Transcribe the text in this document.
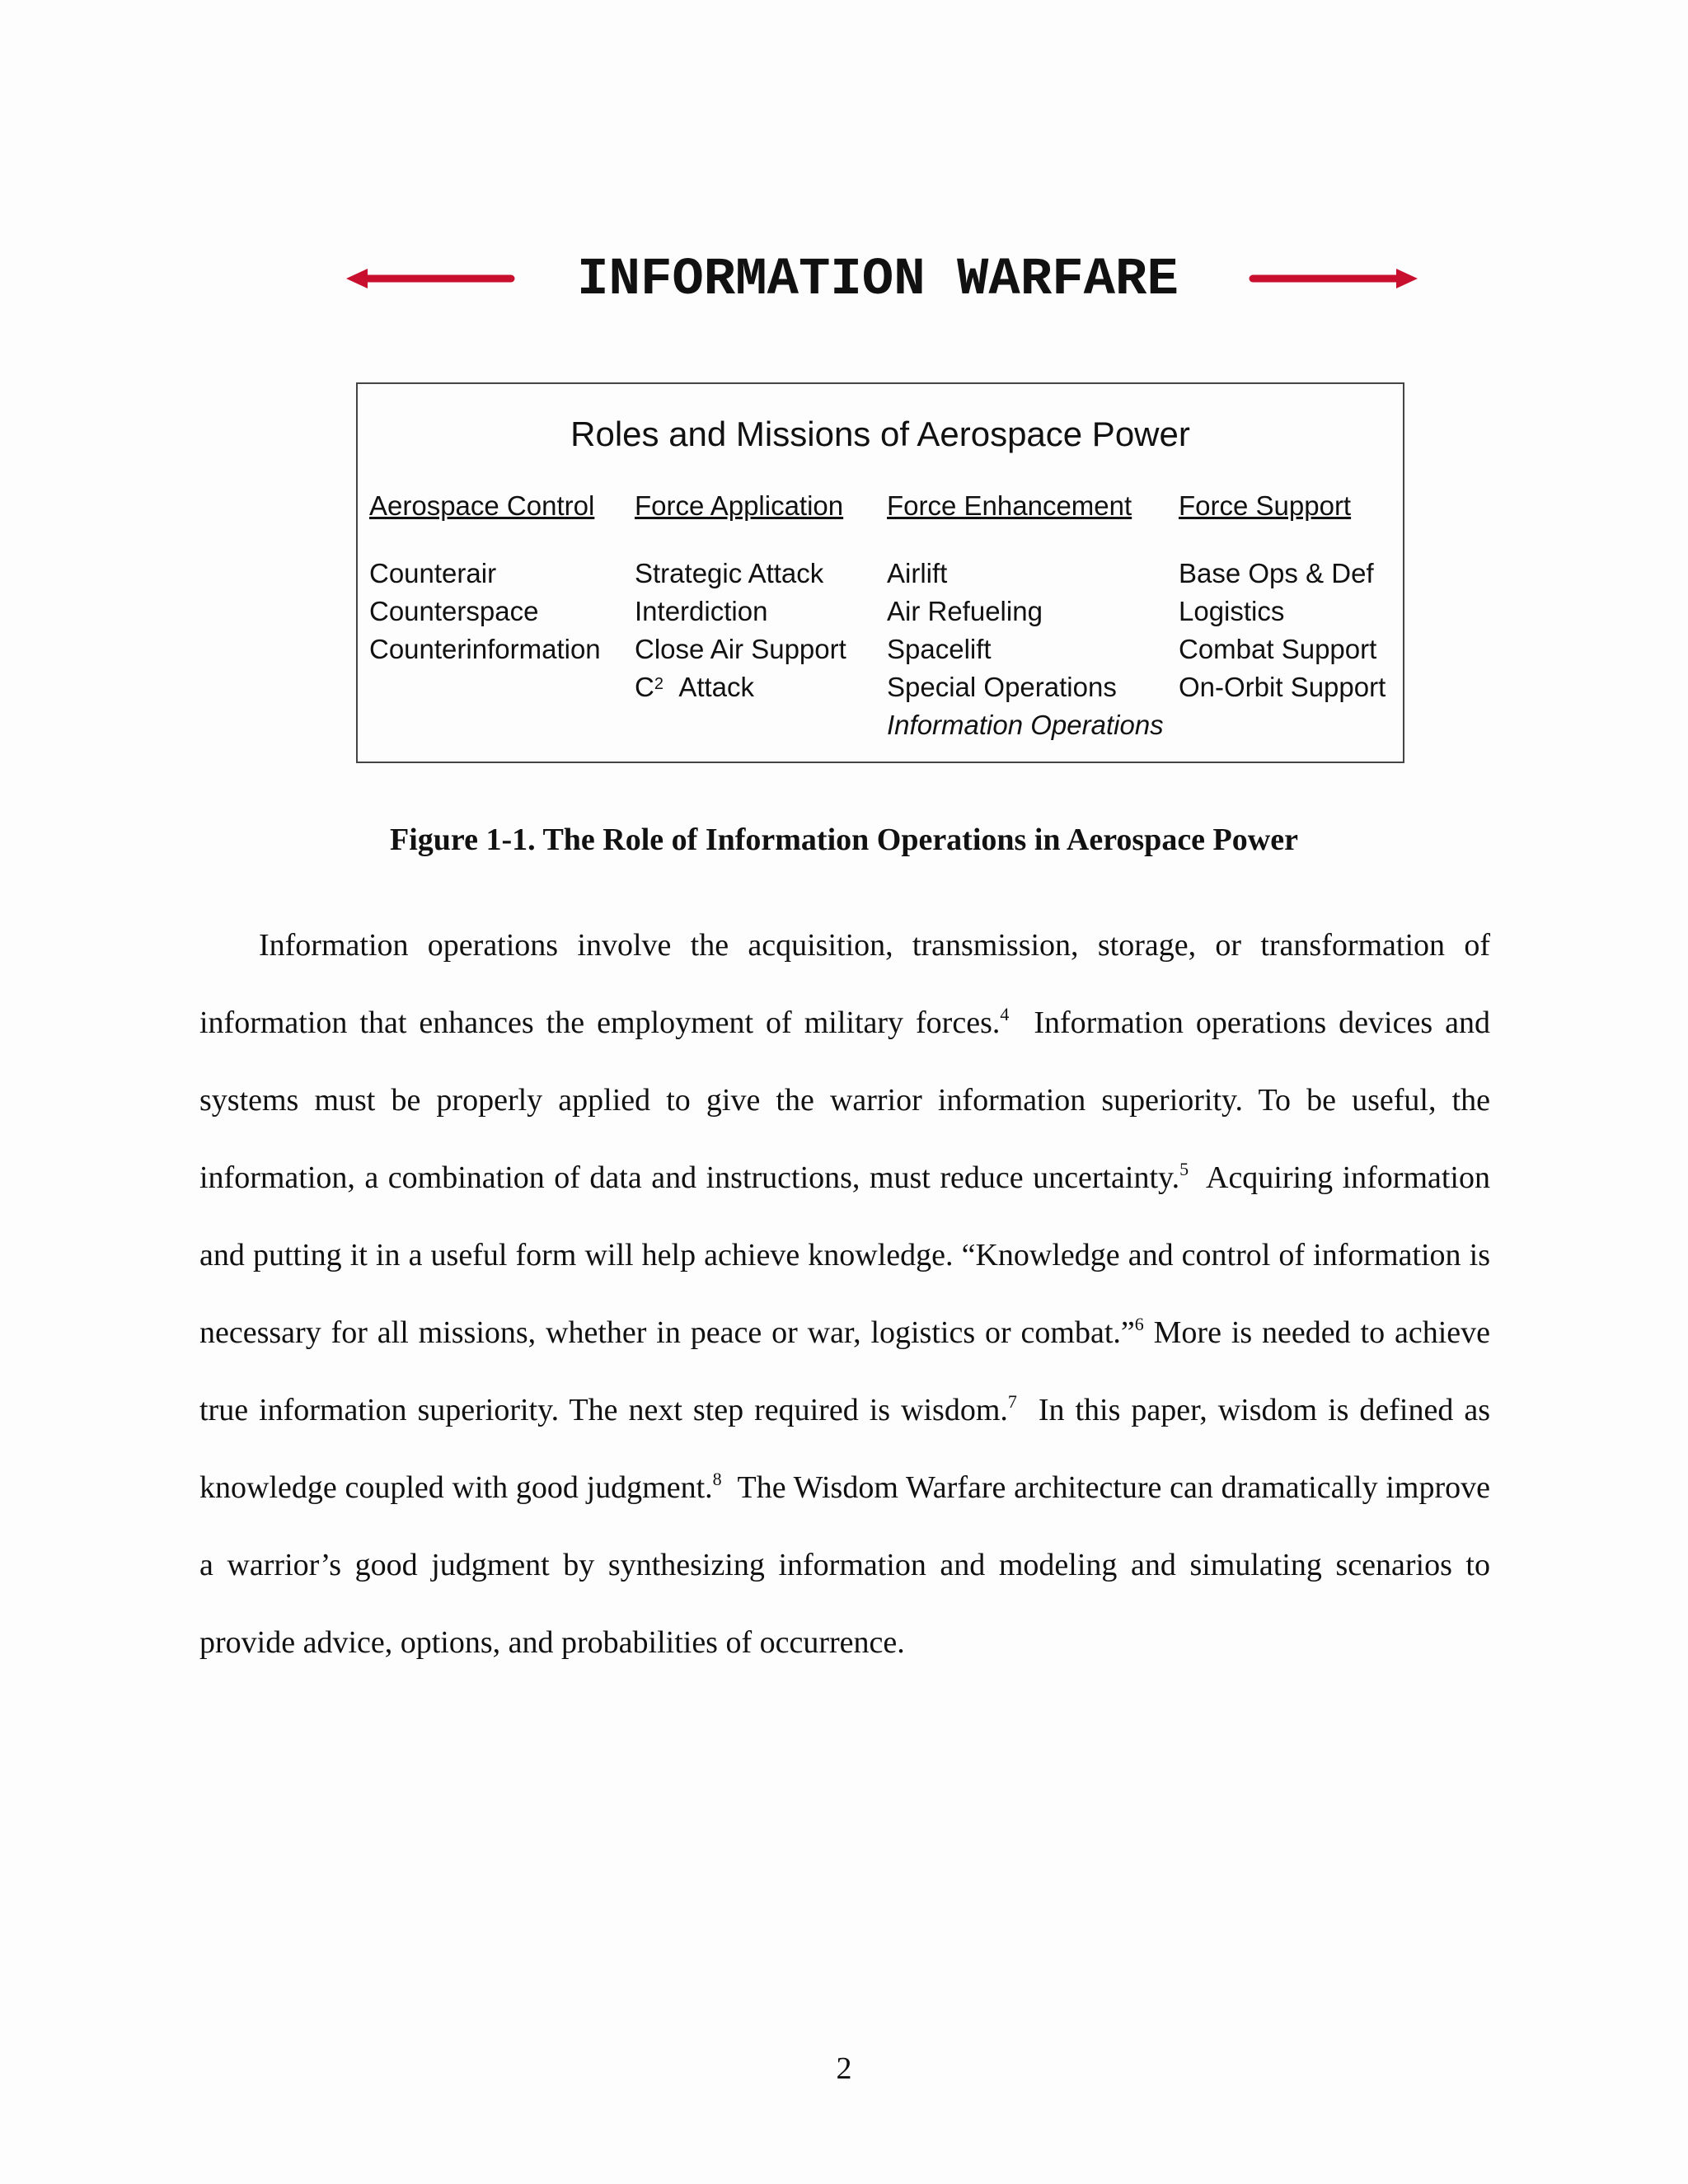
INFORMATION WARFARE
Roles and Missions of Aerospace Power
Aerospace Control
Counterair
Counterspace
Counterinformation
Force Application
Strategic Attack
Interdiction
Close Air Support
$C^2$ Attack
Force Enhancement
Airlift
Air Refueling
Spacelift
Special Operations
Information Operations
Force Support
Base Ops & Def
Logistics
Combat Support
On-Orbit Support
Figure 1-1. The Role of Information Operations in Aerospace Power

Information operations involve the acquisition, transmission, storage, or transformation of information that enhances the employment of military forces.$^4$ Information operations devices and systems must be properly applied to give the warrior information superiority. To be useful, the information, a combination of data and instructions, must reduce uncertainty.$^5$ Acquiring information and putting it in a useful form will help achieve knowledge. “Knowledge and control of information is necessary for all missions, whether in peace or war, logistics or combat.”$^6$ More is needed to achieve true information superiority. The next step required is wisdom.$^7$ In this paper, wisdom is defined as knowledge coupled with good judgment.$^8$ The Wisdom Warfare architecture can dramatically improve a warrior’s good judgment by synthesizing information and modeling and simulating scenarios to provide advice, options, and probabilities of occurrence.

2
